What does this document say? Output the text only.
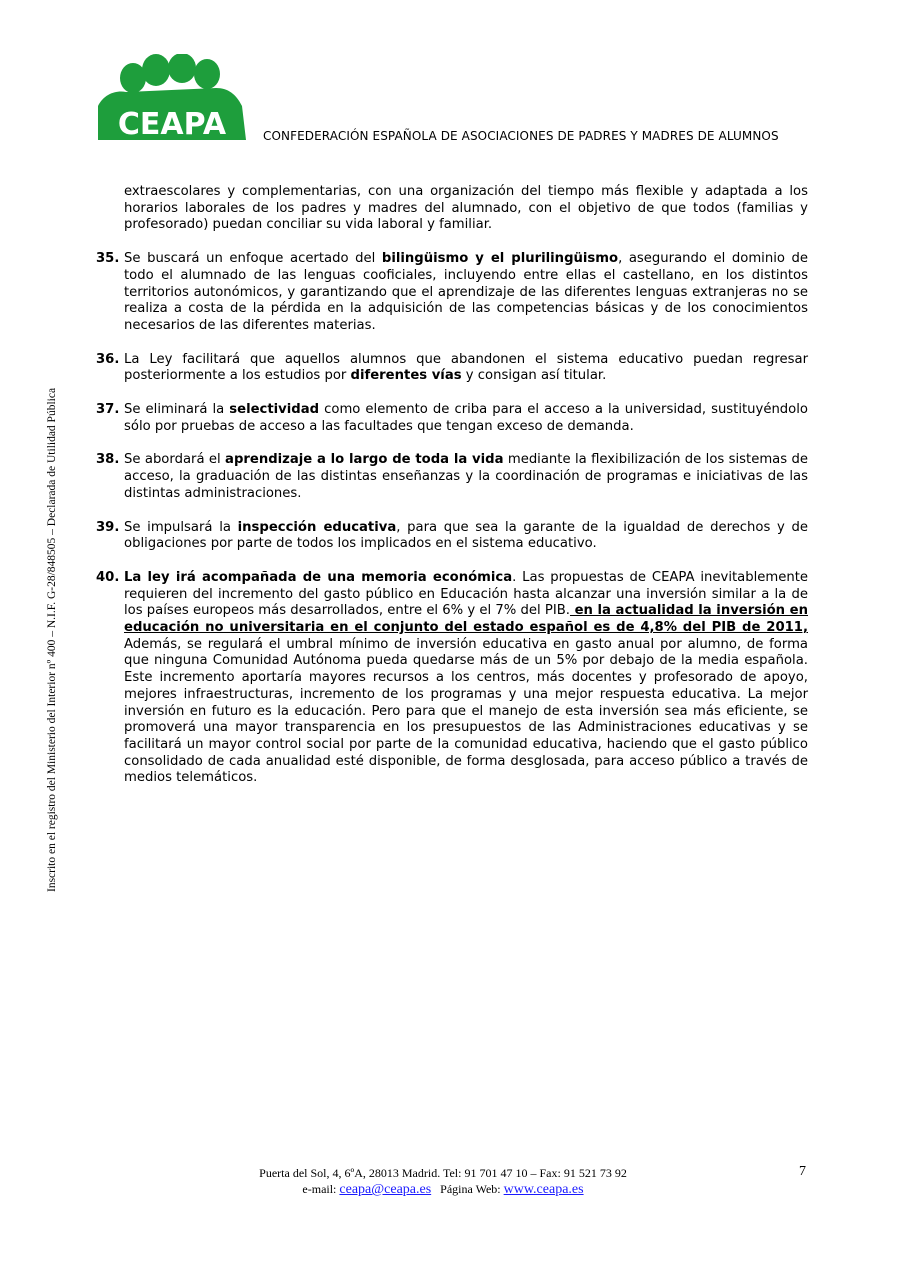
CEAPA	CONFEDERACIÓN ESPAÑOLA DE ASOCIACIONES DE PADRES Y MADRES DE ALUMNOS
Inscrito en el registro del Ministerio del Interior nº 400 – N.I.F. G-28/848505 – Declarada de Utilidad Pública

extraescolares y complementarias, con una organización del tiempo más flexible y adaptada a los horarios laborales de los padres y madres del alumnado, con el objetivo de que todos (familias y profesorado) puedan conciliar su vida laboral y familiar.

35. Se buscará un enfoque acertado del bilingüismo y el plurilingüismo, asegurando el dominio de todo el alumnado de las lenguas cooficiales, incluyendo entre ellas el castellano, en los distintos territorios autonómicos, y garantizando que el aprendizaje de las diferentes lenguas extranjeras no se realiza a costa de la pérdida en la adquisición de las competencias básicas y de los conocimientos necesarios de las diferentes materias.

36. La Ley facilitará que aquellos alumnos que abandonen el sistema educativo puedan regresar posteriormente a los estudios por diferentes vías y consigan así titular.

37. Se eliminará la selectividad como elemento de criba para el acceso a la universidad, sustituyéndolo sólo por pruebas de acceso a las facultades que tengan exceso de demanda.

38. Se abordará el aprendizaje a lo largo de toda la vida mediante la flexibilización de los sistemas de acceso, la graduación de las distintas enseñanzas y la coordinación de programas e iniciativas de las distintas administraciones.

39. Se impulsará la inspección educativa, para que sea la garante de la igualdad de derechos y de obligaciones por parte de todos los implicados en el sistema educativo.

40. La ley irá acompañada de una memoria económica. Las propuestas de CEAPA inevitablemente requieren del incremento del gasto público en Educación hasta alcanzar una inversión similar a la de los países europeos más desarrollados, entre el 6% y el 7% del PIB. en la actualidad la inversión en educación no universitaria en el conjunto del estado español es de 4,8% del PIB de 2011, Además, se regulará el umbral mínimo de inversión educativa en gasto anual por alumno, de forma que ninguna Comunidad Autónoma pueda quedarse más de un 5% por debajo de la media española. Este incremento aportaría mayores recursos a los centros, más docentes y profesorado de apoyo, mejores infraestructuras, incremento de los programas y una mejor respuesta educativa. La mejor inversión en futuro es la educación. Pero para que el manejo de esta inversión sea más eficiente, se promoverá una mayor transparencia en los presupuestos de las Administraciones educativas y se facilitará un mayor control social por parte de la comunidad educativa, haciendo que el gasto público consolidado de cada anualidad esté disponible, de forma desglosada, para acceso público a través de medios telemáticos.

Puerta del Sol, 4, 6ºA, 28013 Madrid. Tel: 91 701 47 10 – Fax: 91 521 73 92
e-mail: ceapa@ceapa.es Página Web: www.ceapa.es
7
